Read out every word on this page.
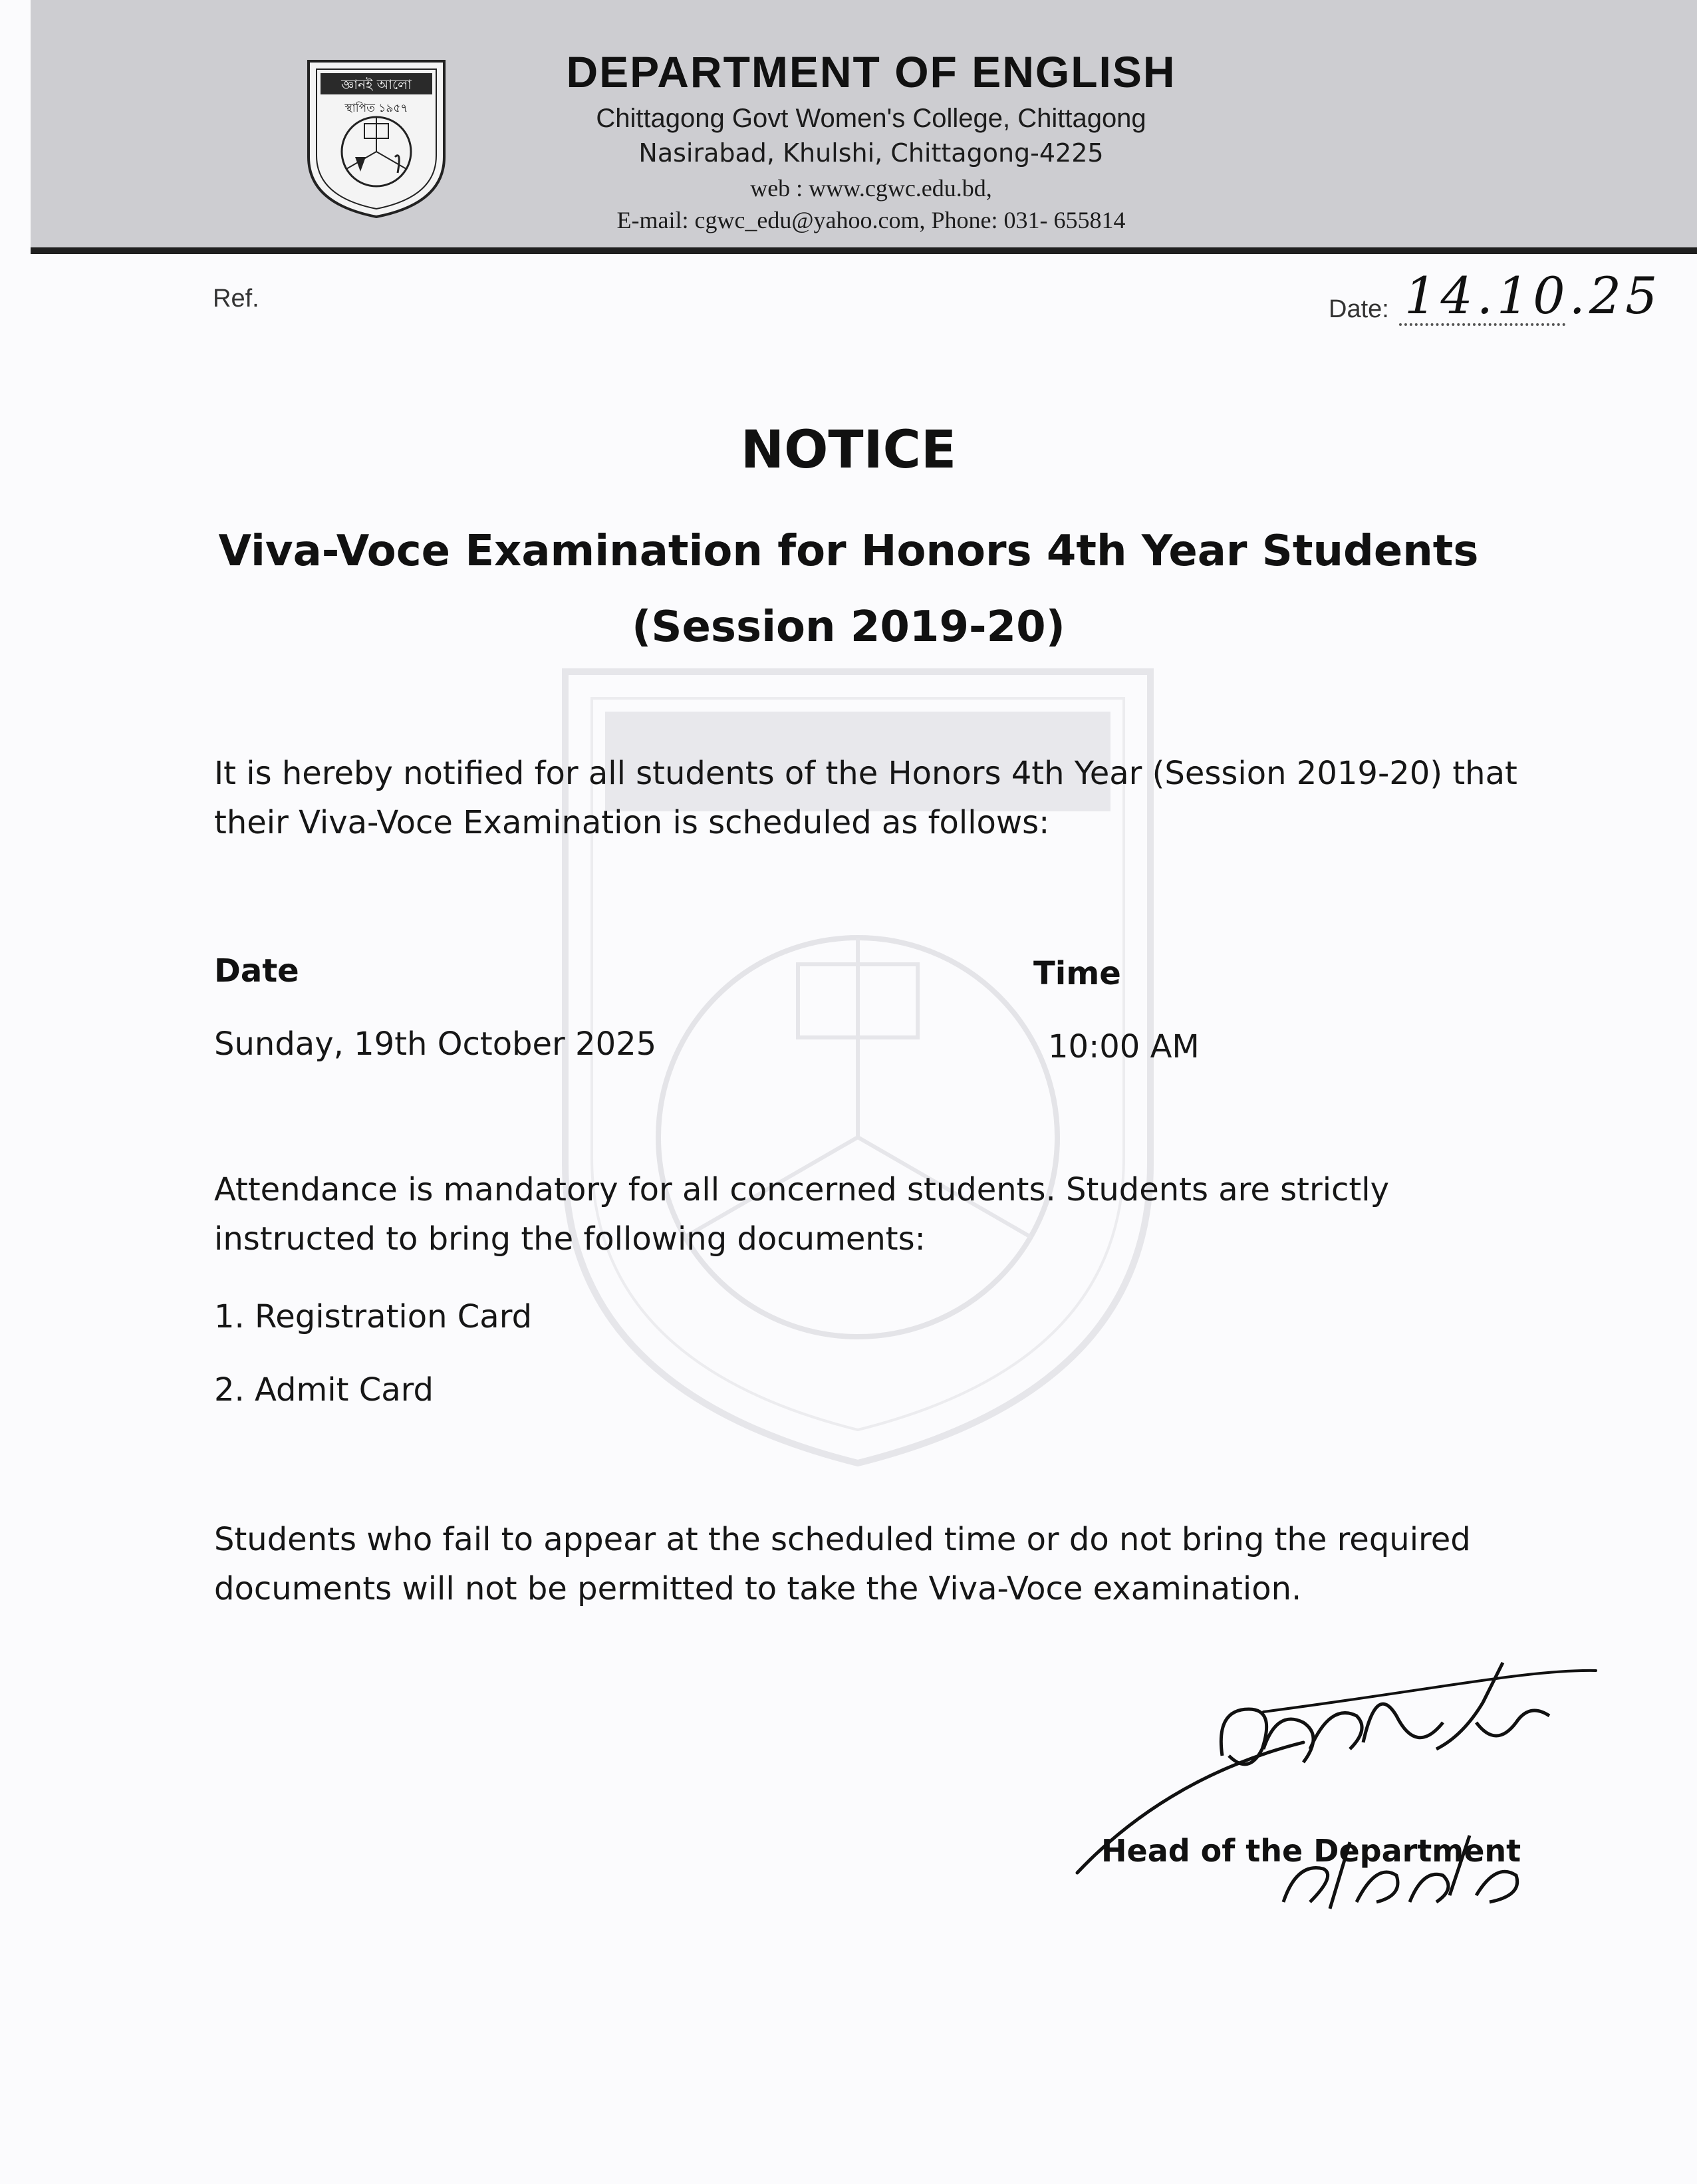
জ্ঞানই আলো
স্থাপিত ১৯৫৭
DEPARTMENT OF ENGLISH
Chittagong Govt Women's College, Chittagong
Nasirabad, Khulshi, Chittagong-4225
web : www.cgwc.edu.bd,
E-mail: cgwc_edu@yahoo.com, Phone: 031- 655814
Ref.	Date: 14.10.25
NOTICE
Viva-Voce Examination for Honors 4th Year Students
(Session 2019-20)
It is hereby notified for all students of the Honors 4th Year (Session 2019-20) that their Viva-Voce Examination is scheduled as follows:
Date	Time
Sunday, 19th October 2025	10:00 AM
Attendance is mandatory for all concerned students. Students are strictly instructed to bring the following documents:
1. Registration Card
2. Admit Card
Students who fail to appear at the scheduled time or do not bring the required documents will not be permitted to take the Viva-Voce examination.
Head of the Department
